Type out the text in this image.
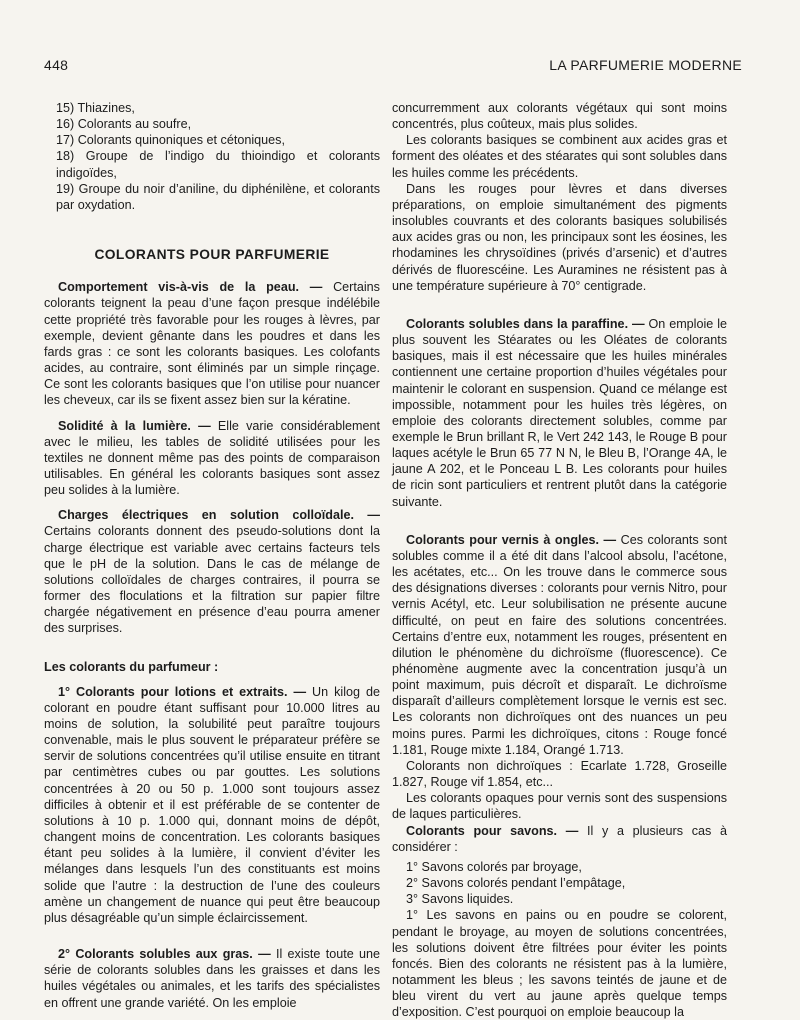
448	LA PARFUMERIE MODERNE

15) Thiazines,

16) Colorants au soufre,

17) Colorants quinoniques et cétoniques,

18) Groupe de l’indigo du thioindigo et colorants indigoïdes,

19) Groupe du noir d’aniline, du diphénilène, et colorants par oxydation.

COLORANTS POUR PARFUMERIE

Comportement vis-à-vis de la peau. — Certains colorants teignent la peau d’une façon presque indélébile cette propriété très favorable pour les rouges à lèvres, par exemple, devient gênante dans les poudres et dans les fards gras : ce sont les colorants basiques. Les colofants acides, au contraire, sont éliminés par un simple rinçage. Ce sont les colorants basiques que l’on utilise pour nuancer les cheveux, car ils se fixent assez bien sur la kératine.

Solidité à la lumière. — Elle varie considérablement avec le milieu, les tables de solidité utilisées pour les textiles ne donnent même pas des points de comparaison utilisables. En général les colorants basiques sont assez peu solides à la lumière.

Charges électriques en solution colloïdale. — Certains colorants donnent des pseudo-solutions dont la charge électrique est variable avec certains facteurs tels que le pH de la solution. Dans le cas de mélange de solutions colloïdales de charges contraires, il pourra se former des floculations et la filtration sur papier filtre chargée négativement en présence d’eau pourra amener des surprises.

Les colorants du parfumeur :

1° Colorants pour lotions et extraits. — Un kilog de colorant en poudre étant suffisant pour 10.000 litres au moins de solution, la solubilité peut paraître toujours convenable, mais le plus souvent le préparateur préfère se servir de solutions concentrées qu’il utilise ensuite en titrant par centimètres cubes ou par gouttes. Les solutions concentrées à 20 ou 50 p. 1.000 sont toujours assez difficiles à obtenir et il est préférable de se contenter de solutions à 10 p. 1.000 qui, donnant moins de dépôt, changent moins de concentration. Les colorants basiques étant peu solides à la lumière, il convient d’éviter les mélanges dans lesquels l’un des constituants est moins solide que l’autre : la destruction de l’une des couleurs amène un changement de nuance qui peut être beaucoup plus désagréable qu’un simple éclaircissement.

2° Colorants solubles aux gras. — Il existe toute une série de colorants solubles dans les graisses et dans les huiles végétales ou animales, et les tarifs des spécialistes en offrent une grande variété. On les emploie

concurremment aux colorants végétaux qui sont moins concentrés, plus coûteux, mais plus solides.

Les colorants basiques se combinent aux acides gras et forment des oléates et des stéarates qui sont solubles dans les huiles comme les précédents.

Dans les rouges pour lèvres et dans diverses préparations, on emploie simultanément des pigments insolubles couvrants et des colorants basiques solubilisés aux acides gras ou non, les principaux sont les éosines, les rhodamines les chrysoïdines (privés d’arsenic) et d’autres dérivés de fluorescéine. Les Auramines ne résistent pas à une température supérieure à 70° centigrade.

Colorants solubles dans la paraffine. — On emploie le plus souvent les Stéarates ou les Oléates de colorants basiques, mais il est nécessaire que les huiles minérales contiennent une certaine proportion d’huiles végétales pour maintenir le colorant en suspension. Quand ce mélange est impossible, notamment pour les huiles très légères, on emploie des colorants directement solubles, comme par exemple le Brun brillant R, le Vert 242 143, le Rouge B pour laques acétyle le Brun 65 77 N N, le Bleu B, l’Orange 4A, le jaune A 202, et le Ponceau L B. Les colorants pour huiles de ricin sont particuliers et rentrent plutôt dans la catégorie suivante.

Colorants pour vernis à ongles. — Ces colorants sont solubles comme il a été dit dans l’alcool absolu, l’acétone, les acétates, etc... On les trouve dans le commerce sous des désignations diverses : colorants pour vernis Nitro, pour vernis Acétyl, etc. Leur solubilisation ne présente aucune difficulté, on peut en faire des solutions concentrées. Certains d’entre eux, notamment les rouges, présentent en dilution le phénomène du dichroïsme (fluorescence). Ce phénomène augmente avec la concentration jusqu’à un point maximum, puis décroît et disparaît. Le dichroïsme disparaît d’ailleurs complètement lorsque le vernis est sec. Les colorants non dichroïques ont des nuances un peu moins pures. Parmi les dichroïques, citons : Rouge foncé 1.181, Rouge mixte 1.184, Orangé 1.713.

Colorants non dichroïques : Ecarlate 1.728, Groseille 1.827, Rouge vif 1.854, etc...

Les colorants opaques pour vernis sont des suspensions de laques particulières.

Colorants pour savons. — Il y a plusieurs cas à considérer :

1° Savons colorés par broyage,

2° Savons colorés pendant l’empâtage,

3° Savons liquides.

1° Les savons en pains ou en poudre se colorent, pendant le broyage, au moyen de solutions concentrées, les solutions doivent être filtrées pour éviter les points foncés. Bien des colorants ne résistent pas à la lumière, notamment les bleus ; les savons teintés de jaune et de bleu virent du vert au jaune après quelque temps d’exposition. C’est pourquoi on emploie beaucoup la
